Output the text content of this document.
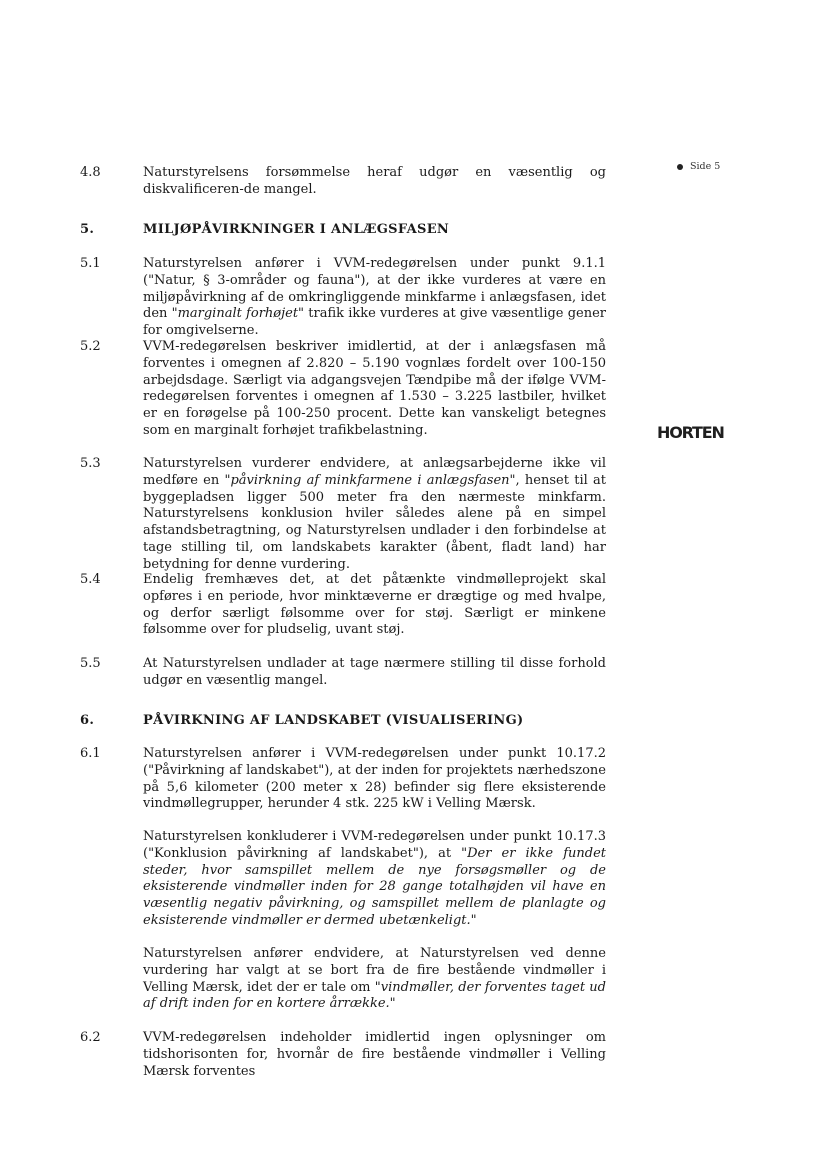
Side 5
HORTEN
4.8	Naturstyrelsens forsømmelse heraf udgør en væsentlig og diskvalificeren-de mangel.
5.	MILJØPÅVIRKNINGER I ANLÆGSFASEN
5.1	Naturstyrelsen anfører i VVM-redegørelsen under punkt 9.1.1 ("Natur, § 3-områder og fauna"), at der ikke vurderes at være en miljøpåvirkning af de omkringliggende minkfarme i anlægsfasen, idet den "marginalt forhøjet" trafik ikke vurderes at give væsentlige gener for omgivelserne.
5.2	VVM-redegørelsen beskriver imidlertid, at der i anlægsfasen må forventes i omegnen af 2.820 – 5.190 vognlæs fordelt over 100-150 arbejdsdage. Særligt via adgangsvejen Tændpibe må der ifølge VVM-redegørelsen forventes i omegnen af 1.530 – 3.225 lastbiler, hvilket er en forøgelse på 100-250 procent. Dette kan vanskeligt betegnes som en marginalt forhøjet trafikbelastning.
5.3	Naturstyrelsen vurderer endvidere, at anlægsarbejderne ikke vil medføre en "påvirkning af minkfarmene i anlægsfasen", henset til at byggepladsen ligger 500 meter fra den nærmeste minkfarm. Naturstyrelsens konklusion hviler således alene på en simpel afstandsbetragtning, og Naturstyrelsen undlader i den forbindelse at tage stilling til, om landskabets karakter (åbent, fladt land) har betydning for denne vurdering.
5.4	Endelig fremhæves det, at det påtænkte vindmølleprojekt skal opføres i en periode, hvor minktæverne er drægtige og med hvalpe, og derfor særligt følsomme over for støj. Særligt er minkene følsomme over for pludselig, uvant støj.
5.5	At Naturstyrelsen undlader at tage nærmere stilling til disse forhold udgør en væsentlig mangel.
6.	PÅVIRKNING AF LANDSKABET (VISUALISERING)
6.1	Naturstyrelsen anfører i VVM-redegørelsen under punkt 10.17.2 ("Påvirkning af landskabet"), at der inden for projektets nærhedszone på 5,6 kilometer (200 meter x 28) befinder sig flere eksisterende vindmøllegrupper, herunder 4 stk. 225 kW i Velling Mærsk.
Naturstyrelsen konkluderer i VVM-redegørelsen under punkt 10.17.3 ("Konklusion påvirkning af landskabet"), at "Der er ikke fundet steder, hvor samspillet mellem de nye forsøgsmøller og de eksisterende vindmøller inden for 28 gange totalhøjden vil have en væsentlig negativ påvirkning, og samspillet mellem de planlagte og eksisterende vindmøller er dermed ubetænkeligt."
Naturstyrelsen anfører endvidere, at Naturstyrelsen ved denne vurdering har valgt at se bort fra de fire bestående vindmøller i Velling Mærsk, idet der er tale om "vindmøller, der forventes taget ud af drift inden for en kortere årrække."
6.2	VVM-redegørelsen indeholder imidlertid ingen oplysninger om tidshorisonten for, hvornår de fire bestående vindmøller i Velling Mærsk forventes
